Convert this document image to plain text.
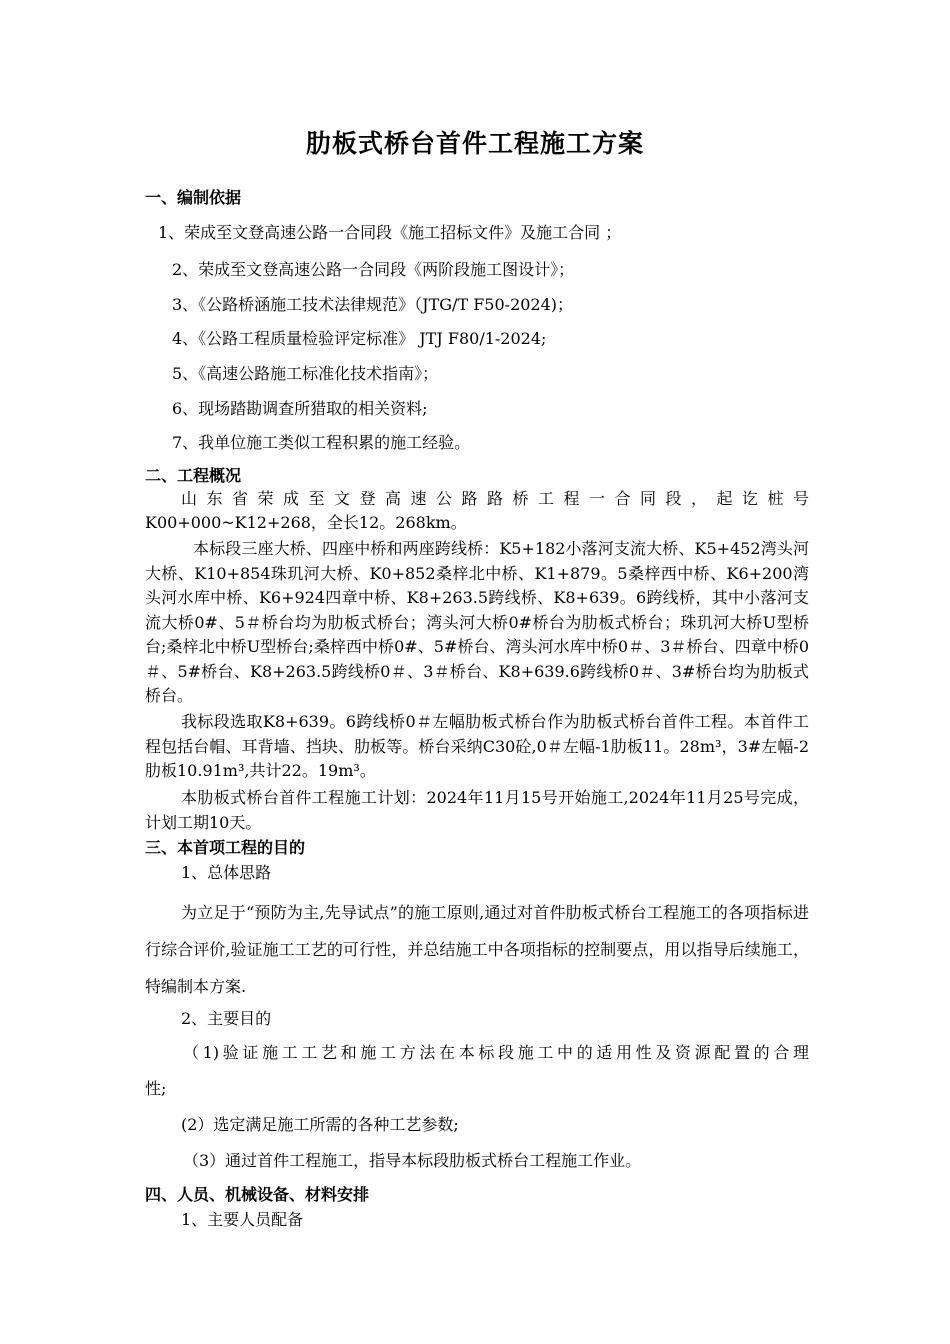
肋板式桥台首件工程施工方案
一、编制依据
1、荣成至文登高速公路一合同段《施工招标文件》及施工合同 ；
2、荣成至文登高速公路一合同段《两阶段施工图设计》；
3、《公路桥涵施工技术法律规范》（JTG/T F50-2024)；
4、《公路工程质量检验评定标准》 JTJ F80/1-2024;
5、《高速公路施工标准化技术指南》；
6、现场踏勘调查所猎取的相关资料;
7、我单位施工类似工程积累的施工经验。
二、工程概况
山东省荣成至文登高速公路路桥工程一合同段，起讫桩号
K00+000~K12+268，全长12。268km。
本标段三座大桥、四座中桥和两座跨线桥：K5+182小落河支流大桥、K5+452湾头河大桥、K10+854珠玑河大桥、K0+852桑梓北中桥、K1+879。5桑梓西中桥、K6+200湾头河水库中桥、K6+924四章中桥、K8+263.5跨线桥、K8+639。6跨线桥，其中小落河支流大桥0#、5＃桥台均为肋板式桥台；湾头河大桥0#桥台为肋板式桥台；珠玑河大桥U型桥台;桑梓北中桥U型桥台;桑梓西中桥0#、5#桥台、湾头河水库中桥0＃、3＃桥台、四章中桥0＃、5#桥台、K8+263.5跨线桥0＃、3＃桥台、K8+639.6跨线桥0＃、3#桥台均为肋板式桥台。
我标段选取K8+639。6跨线桥0＃左幅肋板式桥台作为肋板式桥台首件工程。本首件工程包括台帽、耳背墙、挡块、肋板等。桥台采纳C30砼,0＃左幅-1肋板11。28m³，3#左幅-2肋板10.91m³,共计22。19m³。
本肋板式桥台首件工程施工计划：2024年11月15号开始施工,2024年11月25号完成，计划工期10天。
三、本首项工程的目的
1、总体思路
为立足于“预防为主,先导试点”的施工原则,通过对首件肋板式桥台工程施工的各项指标进行综合评价,验证施工工艺的可行性，并总结施工中各项指标的控制要点，用以指导后续施工，特编制本方案.
2、主要目的
（1)验证施工工艺和施工方法在本标段施工中的适用性及资源配置的合理
性;
(2）选定满足施工所需的各种工艺参数;
（3）通过首件工程施工，指导本标段肋板式桥台工程施工作业。
四、人员、机械设备、材料安排
1、主要人员配备
